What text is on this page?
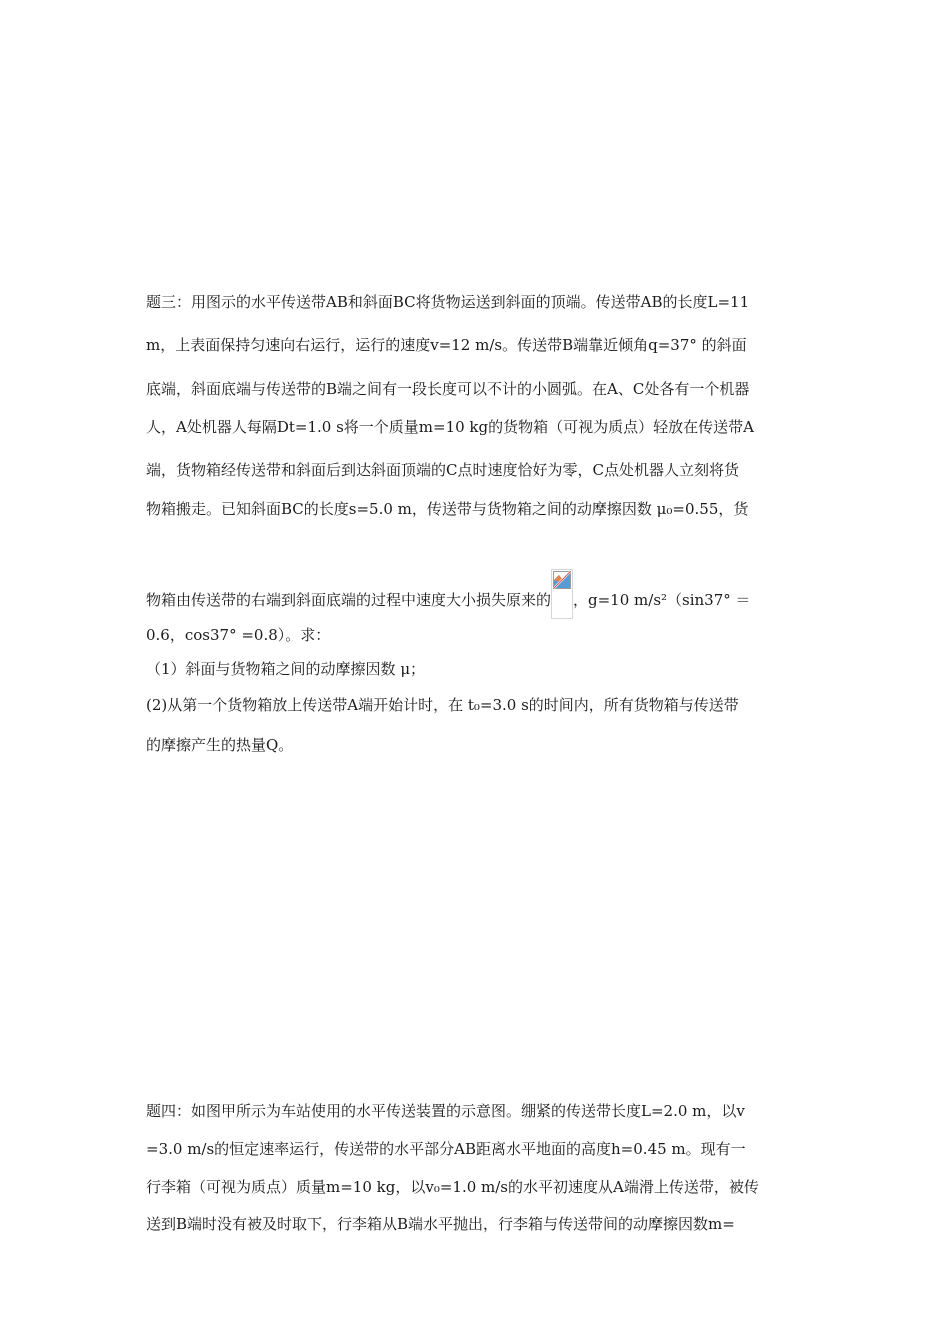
题三：用图示的水平传送带AB和斜面BC将货物运送到斜面的顶端。传送带AB的长度L=11
m，上表面保持匀速向右运行，运行的速度v=12 m/s。传送带B端靠近倾角q=37° 的斜面
底端，斜面底端与传送带的B端之间有一段长度可以不计的小圆弧。在A、C处各有一个机器
人，A处机器人每隔Dt=1.0 s将一个质量m=10 kg的货物箱（可视为质点）轻放在传送带A
端，货物箱经传送带和斜面后到达斜面顶端的C点时速度恰好为零，C点处机器人立刻将货
物箱搬走。已知斜面BC的长度s=5.0 m，传送带与货物箱之间的动摩擦因数 μ₀=0.55，货
物箱由传送带的右端到斜面底端的过程中速度大小损失原来的 ，g=10 m/s²（sin37° ＝
0.6，cos37° =0.8）。求：
（1）斜面与货物箱之间的动摩擦因数 μ；
(2)从第一个货物箱放上传送带A端开始计时，在 t₀=3.0 s的时间内，所有货物箱与传送带
的摩擦产生的热量Q。
题四：如图甲所示为车站使用的水平传送装置的示意图。绷紧的传送带长度L=2.0 m，以v
=3.0 m/s的恒定速率运行，传送带的水平部分AB距离水平地面的高度h=0.45 m。现有一
行李箱（可视为质点）质量m=10 kg，以v₀=1.0 m/s的水平初速度从A端滑上传送带，被传
送到B端时没有被及时取下，行李箱从B端水平抛出，行李箱与传送带间的动摩擦因数m=
